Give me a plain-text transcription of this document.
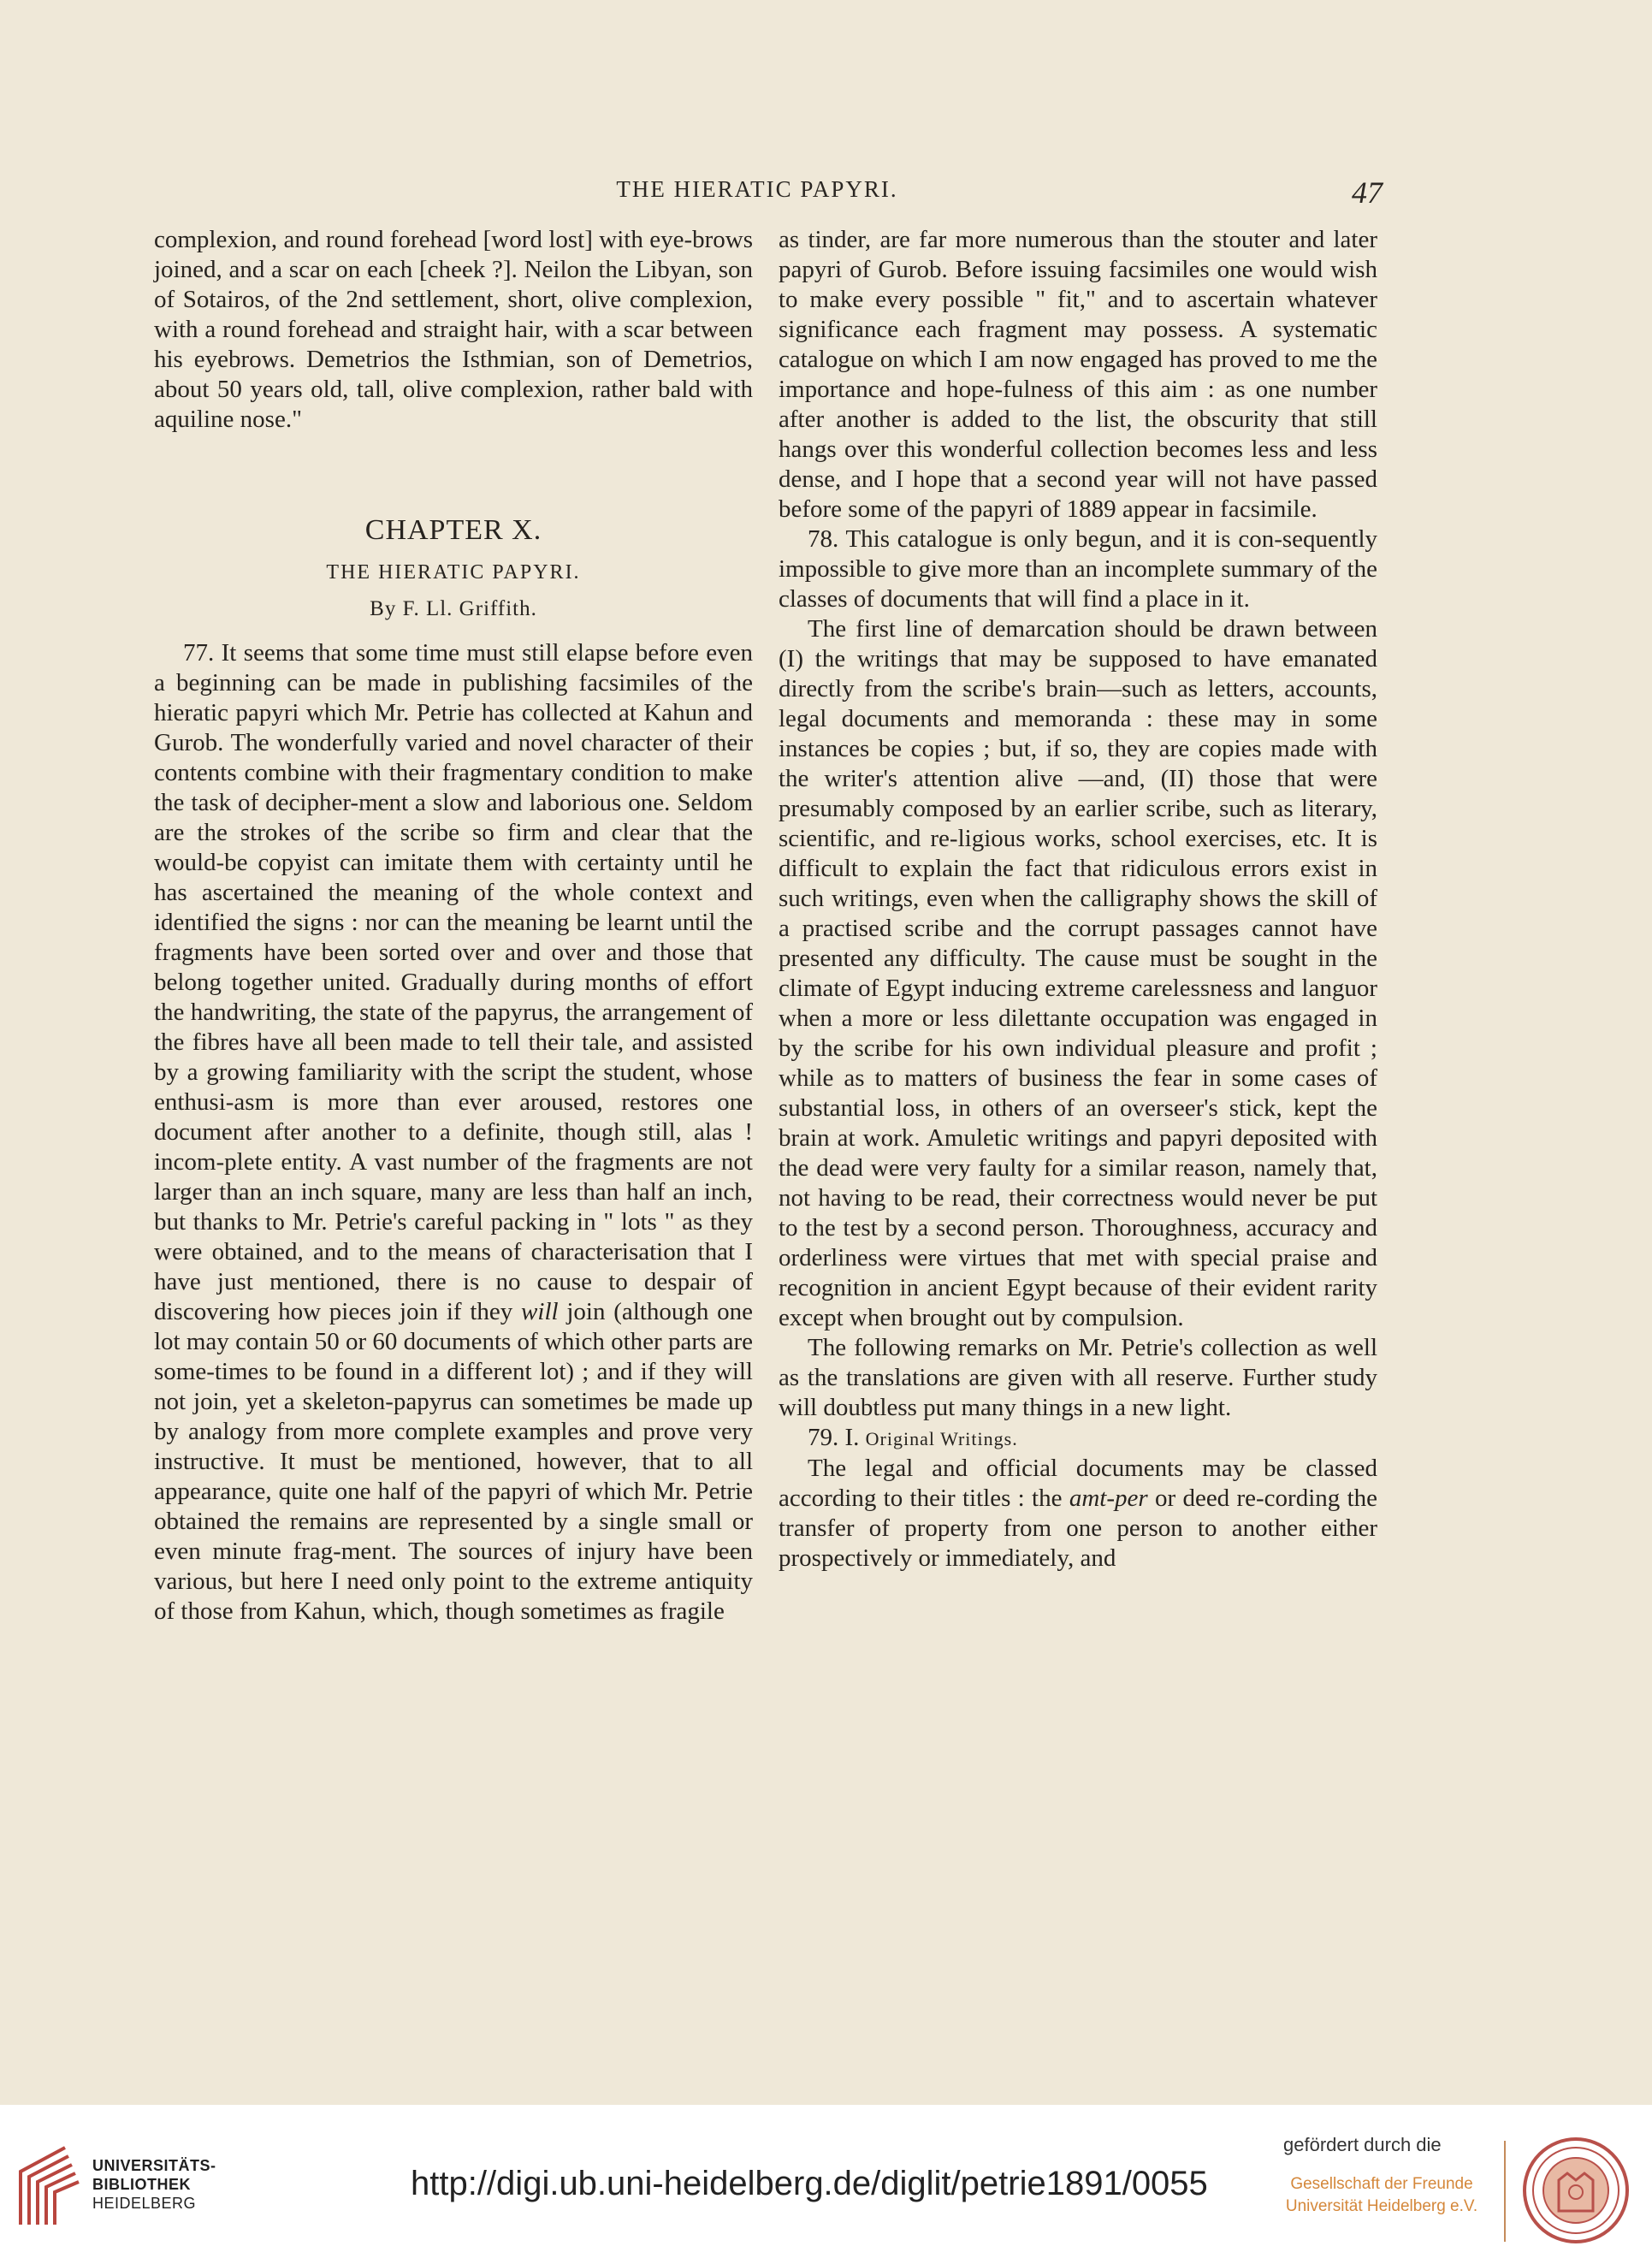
THE HIERATIC PAPYRI.	47

complexion, and round forehead [word lost] with eye-brows joined, and a scar on each [cheek ?]. Neilon the Libyan, son of Sotairos, of the 2nd settlement, short, olive complexion, with a round forehead and straight hair, with a scar between his eyebrows. Demetrios the Isthmian, son of Demetrios, about 50 years old, tall, olive complexion, rather bald with aquiline nose."

CHAPTER X.
THE HIERATIC PAPYRI.
By F. Ll. Griffith.

77. It seems that some time must still elapse before even a beginning can be made in publishing facsimiles of the hieratic papyri which Mr. Petrie has collected at Kahun and Gurob. The wonderfully varied and novel character of their contents combine with their fragmentary condition to make the task of decipher-ment a slow and laborious one. Seldom are the strokes of the scribe so firm and clear that the would-be copyist can imitate them with certainty until he has ascertained the meaning of the whole context and identified the signs : nor can the meaning be learnt until the fragments have been sorted over and over and those that belong together united. Gradually during months of effort the handwriting, the state of the papyrus, the arrangement of the fibres have all been made to tell their tale, and assisted by a growing familiarity with the script the student, whose enthusi-asm is more than ever aroused, restores one document after another to a definite, though still, alas ! incom-plete entity. A vast number of the fragments are not larger than an inch square, many are less than half an inch, but thanks to Mr. Petrie's careful packing in " lots " as they were obtained, and to the means of characterisation that I have just mentioned, there is no cause to despair of discovering how pieces join if they will join (although one lot may contain 50 or 60 documents of which other parts are some-times to be found in a different lot) ; and if they will not join, yet a skeleton-papyrus can sometimes be made up by analogy from more complete examples and prove very instructive. It must be mentioned, however, that to all appearance, quite one half of the papyri of which Mr. Petrie obtained the remains are represented by a single small or even minute frag-ment. The sources of injury have been various, but here I need only point to the extreme antiquity of those from Kahun, which, though sometimes as fragile

as tinder, are far more numerous than the stouter and later papyri of Gurob. Before issuing facsimiles one would wish to make every possible " fit," and to ascertain whatever significance each fragment may possess. A systematic catalogue on which I am now engaged has proved to me the importance and hope-fulness of this aim : as one number after another is added to the list, the obscurity that still hangs over this wonderful collection becomes less and less dense, and I hope that a second year will not have passed before some of the papyri of 1889 appear in facsimile.

78. This catalogue is only begun, and it is con-sequently impossible to give more than an incomplete summary of the classes of documents that will find a place in it.

The first line of demarcation should be drawn between (I) the writings that may be supposed to have emanated directly from the scribe's brain—such as letters, accounts, legal documents and memoranda : these may in some instances be copies ; but, if so, they are copies made with the writer's attention alive —and, (II) those that were presumably composed by an earlier scribe, such as literary, scientific, and re-ligious works, school exercises, etc. It is difficult to explain the fact that ridiculous errors exist in such writings, even when the calligraphy shows the skill of a practised scribe and the corrupt passages cannot have presented any difficulty. The cause must be sought in the climate of Egypt inducing extreme carelessness and languor when a more or less dilettante occupation was engaged in by the scribe for his own individual pleasure and profit ; while as to matters of business the fear in some cases of substantial loss, in others of an overseer's stick, kept the brain at work. Amuletic writings and papyri deposited with the dead were very faulty for a similar reason, namely that, not having to be read, their correctness would never be put to the test by a second person. Thoroughness, accuracy and orderliness were virtues that met with special praise and recognition in ancient Egypt because of their evident rarity except when brought out by compulsion.

The following remarks on Mr. Petrie's collection as well as the translations are given with all reserve. Further study will doubtless put many things in a new light.

79. I. Original Writings.

The legal and official documents may be classed according to their titles : the amt-per or deed re-cording the transfer of property from one person to another either prospectively or immediately, and

UNIVERSITÄTS-
BIBLIOTHEK
HEIDELBERG
http://digi.ub.uni-heidelberg.de/diglit/petrie1891/0055
gefördert durch die
Gesellschaft der Freunde
Universität Heidelberg e.V.
